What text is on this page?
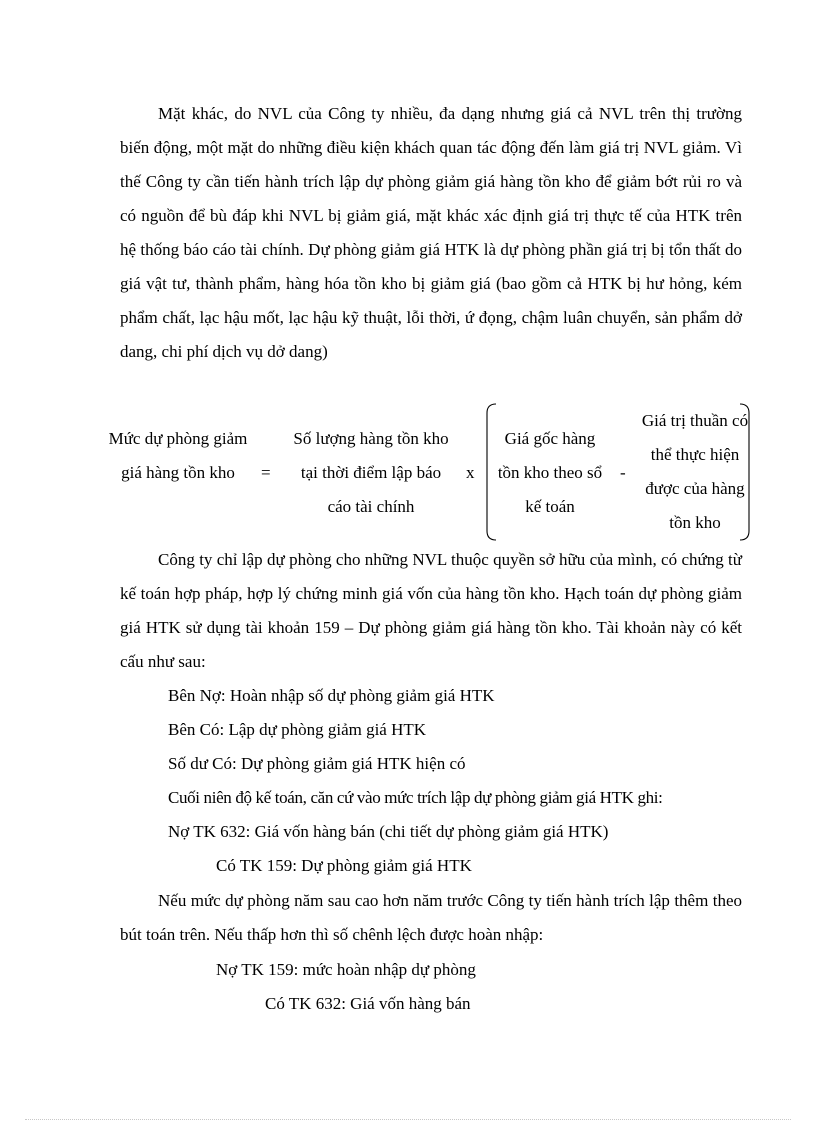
Mặt khác, do NVL của Công ty nhiều, đa dạng nhưng giá cả NVL trên thị trường biến động, một mặt do những điều kiện khách quan tác động đến làm giá trị NVL giảm. Vì thế Công ty cần tiến hành trích lập dự phòng giảm giá hàng tồn kho để giảm bớt rủi ro và có nguồn để bù đáp khi NVL bị giảm giá, mặt khác xác định giá trị thực tế của HTK trên hệ thống báo cáo tài chính. Dự phòng giảm giá HTK là dự phòng phần giá trị bị tổn thất do giá vật tư, thành phẩm, hàng hóa tồn kho bị giảm giá (bao gồm cả HTK bị hư hỏng, kém phẩm chất, lạc hậu mốt, lạc hậu kỹ thuật, lỗi thời, ứ đọng, chậm luân chuyển, sản phẩm dở dang, chi phí dịch vụ dở dang)

Mức dự phòng giảm giá hàng tồn kho	=
Số lượng hàng tồn kho tại thời điểm lập báo cáo tài chính
x
Giá gốc hàng tồn kho theo sổ kế toán
-
Giá trị thuần có thể thực hiện được của hàng tồn kho

Công ty chỉ lập dự phòng cho những NVL thuộc quyền sở hữu của mình, có chứng từ kế toán hợp pháp, hợp lý chứng minh giá vốn của hàng tồn kho. Hạch toán dự phòng giảm giá HTK sử dụng tài khoản 159 – Dự phòng giảm giá hàng tồn kho. Tài khoản này có kết cấu như sau:

Bên Nợ: Hoàn nhập số dự phòng giảm giá HTK

Bên Có: Lập dự phòng giảm giá HTK

Số dư Có: Dự phòng giảm giá HTK hiện có

Cuối niên độ kế toán, căn cứ vào mức trích lập dự phòng giảm giá HTK ghi:

Nợ TK 632: Giá vốn hàng bán (chi tiết dự phòng giảm giá HTK)

Có TK 159: Dự phòng giảm giá HTK

Nếu mức dự phòng năm sau cao hơn năm trước Công ty tiến hành trích lập thêm theo bút toán trên. Nếu thấp hơn thì số chênh lệch được hoàn nhập:

Nợ TK 159: mức hoàn nhập dự phòng

Có TK 632: Giá vốn hàng bán
